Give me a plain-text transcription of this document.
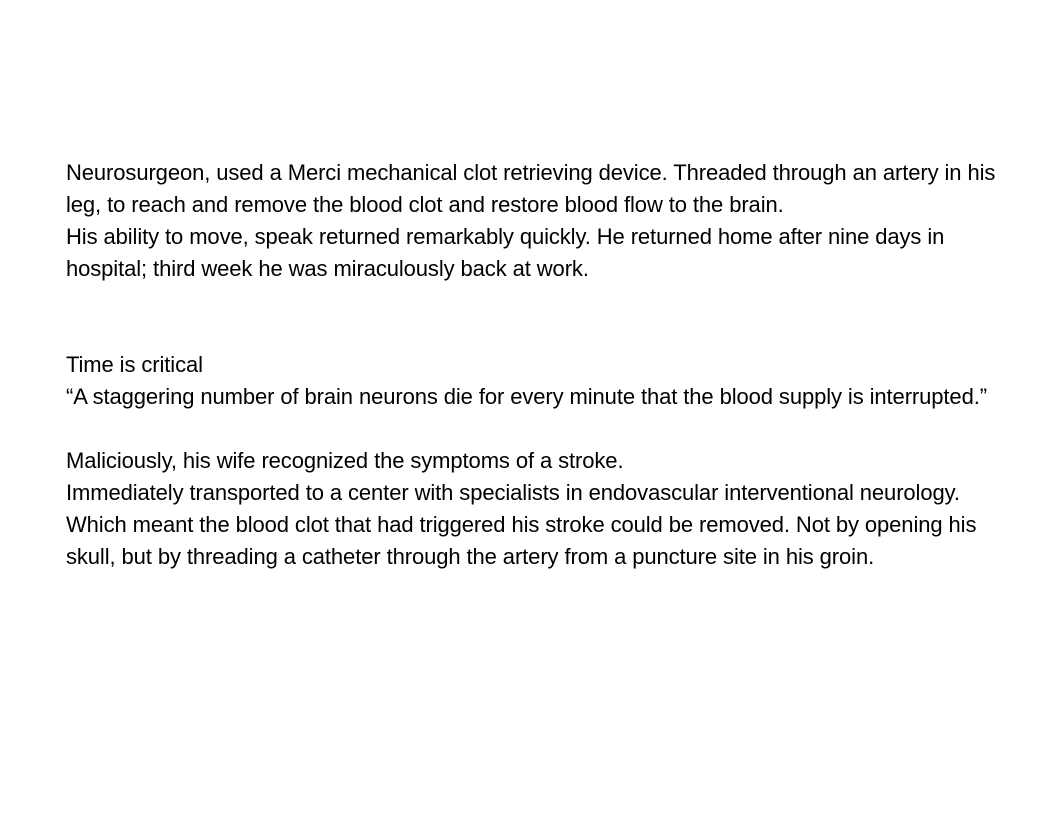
Neurosurgeon, used a Merci mechanical clot retrieving device. Threaded through an artery in his leg, to reach and remove the blood clot and restore blood flow to the brain.

His ability to move, speak returned remarkably quickly. He returned home after nine days in hospital; third week he was miraculously back at work.

Time is critical

“A staggering number of brain neurons die for every minute that the blood supply is interrupted.”

Maliciously, his wife recognized the symptoms of a stroke.

Immediately transported to a center with specialists in endovascular interventional neurology. Which meant the blood clot that had triggered his stroke could be removed. Not by opening his skull, but by threading a catheter through the artery from a puncture site in his groin.
